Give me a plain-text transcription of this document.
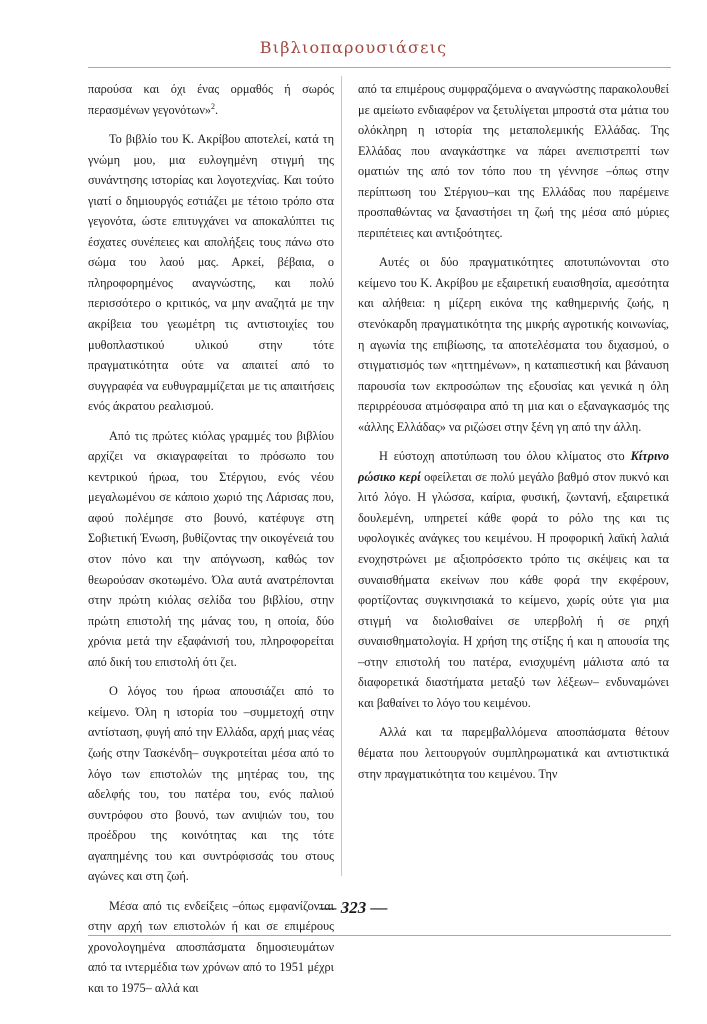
Βιβλιοπαρουσιάσεις

παρούσα και όχι ένας ορμαθός ή σωρός περασμένων γεγονότων»$^2$.

Το βιβλίο του Κ. Ακρίβου αποτελεί, κατά τη γνώμη μου, μια ευλογημένη στιγμή της συνάντησης ιστορίας και λογοτεχνίας. Και τούτο γιατί ο δημιουργός εστιάζει με τέτοιο τρόπο στα γεγονότα, ώστε επιτυγχάνει να αποκαλύπτει τις έσχατες συνέπειες και απολήξεις τους πάνω στο σώμα του λαού μας. Αρκεί, βέβαια, ο πληροφορημένος αναγνώστης, και πολύ περισσότερο ο κριτικός, να μην αναζητά με την ακρίβεια του γεωμέτρη τις αντιστοιχίες του μυθοπλαστικού υλικού στην τότε πραγματικότητα ούτε να απαιτεί από το συγγραφέα να ευθυγραμμίζεται με τις απαιτήσεις ενός άκρατου ρεαλισμού.

Από τις πρώτες κιόλας γραμμές του βιβλίου αρχίζει να σκιαγραφείται το πρόσωπο του κεντρικού ήρωα, του Στέργιου, ενός νέου μεγαλωμένου σε κάποιο χωριό της Λάρισας που, αφού πολέμησε στο βουνό, κατέφυγε στη Σοβιετική Ένωση, βυθίζοντας την οικογένειά του στον πόνο και την απόγνωση, καθώς τον θεωρούσαν σκοτωμένο. Όλα αυτά ανατρέπονται στην πρώτη κιόλας σελίδα του βιβλίου, στην πρώτη επιστολή της μάνας του, η οποία, δύο χρόνια μετά την εξαφάνισή του, πληροφορείται από δική του επιστολή ότι ζει.

Ο λόγος του ήρωα απουσιάζει από το κείμενο. Όλη η ιστορία του –συμμετοχή στην αντίσταση, φυγή από την Ελλάδα, αρχή μιας νέας ζωής στην Τασκένδη– συγκροτείται μέσα από το λόγο των επιστολών της μητέρας του, της αδελφής του, του πατέρα του, ενός παλιού συντρόφου στο βουνό, των ανιψιών του, του προέδρου της κοινότητας και της τότε αγαπημένης του και συντρόφισσάς του στους αγώνες και στη ζωή.

Μέσα από τις ενδείξεις –όπως εμφανίζονται στην αρχή των επιστολών ή και σε επιμέρους χρονολογημένα αποσπάσματα δημοσιευμάτων από τα ιντερμέδια των χρόνων από το 1951 μέχρι και το 1975– αλλά και

από τα επιμέρους συμφραζόμενα ο αναγνώστης παρακολουθεί με αμείωτο ενδιαφέρον να ξετυλίγεται μπροστά στα μάτια του ολόκληρη η ιστορία της μεταπολεμικής Ελλάδας. Της Ελλάδας που αναγκάστηκε να πάρει ανεπιστρεπτί των οματιών της από τον τόπο που τη γέννησε –όπως στην περίπτωση του Στέργιου–και της Ελλάδας που παρέμεινε προσπαθώντας να ξαναστήσει τη ζωή της μέσα από μύριες περιπέτειες και αντιξοότητες.

Αυτές οι δύο πραγματικότητες αποτυπώνονται στο κείμενο του Κ. Ακρίβου με εξαιρετική ευαισθησία, αμεσότητα και αλήθεια: η μίζερη εικόνα της καθημερινής ζωής, η στενόκαρδη πραγματικότητα της μικρής αγροτικής κοινωνίας, η αγωνία της επιβίωσης, τα αποτελέσματα του διχασμού, ο στιγματισμός των «ηττημένων», η καταπιεστική και βάναυση παρουσία των εκπροσώπων της εξουσίας και γενικά η όλη περιρρέουσα ατμόσφαιρα από τη μια και ο εξαναγκασμός της «άλλης Ελλάδας» να ριζώσει στην ξένη γη από την άλλη.

Η εύστοχη αποτύπωση του όλου κλίματος στο Κίτρινο ρώσικο κερί οφείλεται σε πολύ μεγάλο βαθμό στον πυκνό και λιτό λόγο. Η γλώσσα, καίρια, φυσική, ζωντανή, εξαιρετικά δουλεμένη, υπηρετεί κάθε φορά το ρόλο της και τις υφολογικές ανάγκες του κειμένου. Η προφορική λαϊκή λαλιά ενοχηστρώνει με αξιοπρόσεκτο τρόπο τις σκέψεις και τα συναισθήματα εκείνων που κάθε φορά την εκφέρουν, φορτίζοντας συγκινησιακά το κείμενο, χωρίς ούτε για μια στιγμή να διολισθαίνει σε υπερβολή ή σε ρηχή συναισθηματολογία. Η χρήση της στίξης ή και η απουσία της –στην επιστολή του πατέρα, ενισχυμένη μάλιστα από τα διαφορετικά διαστήματα μεταξύ των λέξεων– ενδυναμώνει και βαθαίνει το λόγο του κειμένου.

Αλλά και τα παρεμβαλλόμενα αποσπάσματα θέτουν θέματα που λειτουργούν συμπληρωματικά και αντιστικτικά στην πραγματικότητα του κειμένου. Την

— 323 —
